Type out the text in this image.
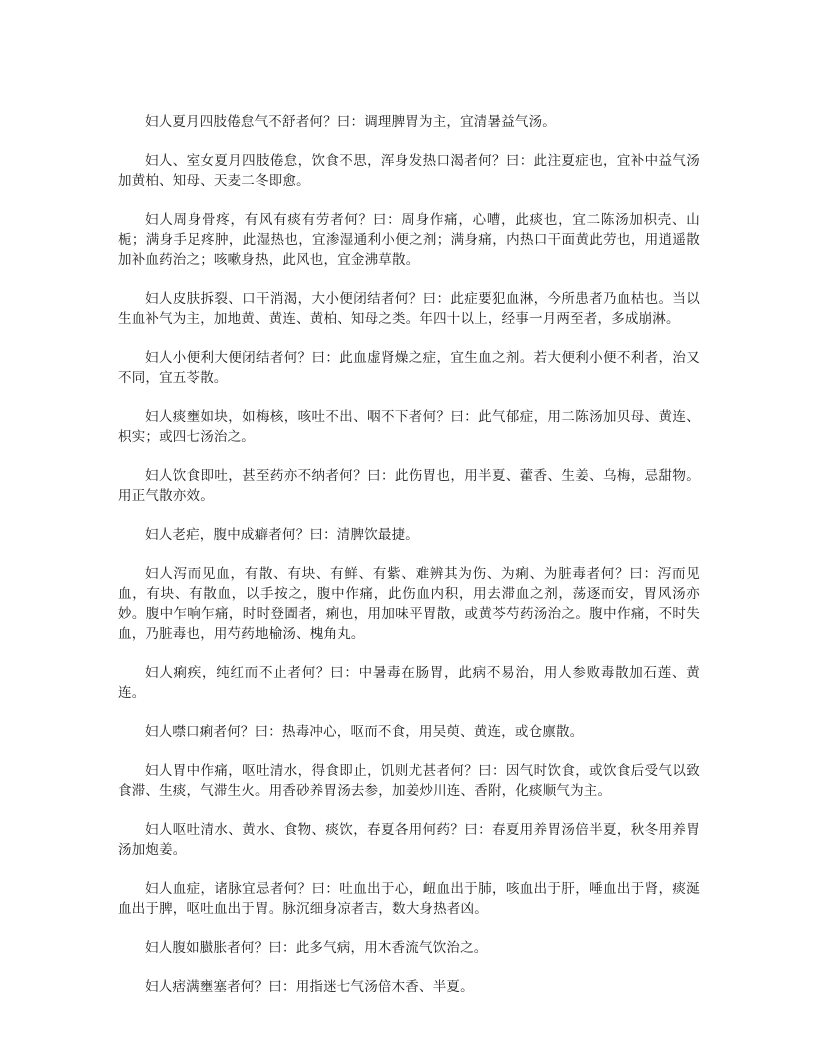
妇人夏月四肢倦怠气不舒者何？曰：调理脾胃为主，宜清暑益气汤。

妇人、室女夏月四肢倦怠，饮食不思，浑身发热口渴者何？曰：此注夏症也，宜补中益气汤加黄柏、知母、天麦二冬即愈。

妇人周身骨疼，有风有痰有劳者何？曰：周身作痛，心嘈，此痰也，宜二陈汤加枳壳、山栀；满身手足疼肿，此湿热也，宜渗湿通利小便之剂；满身痛，内热口干面黄此劳也，用逍遥散加补血药治之；咳嗽身热，此风也，宜金沸草散。

妇人皮肤拆裂、口干消渴，大小便闭结者何？曰：此症要犯血淋，今所患者乃血枯也。当以生血补气为主，加地黄、黄连、黄柏、知母之类。年四十以上，经事一月两至者，多成崩淋。

妇人小便利大便闭结者何？曰：此血虚肾燥之症，宜生血之剂。若大便利小便不利者，治又不同，宜五苓散。

妇人痰壅如块，如梅核，咳吐不出、咽不下者何？曰：此气郁症，用二陈汤加贝母、黄连、枳实；或四七汤治之。

妇人饮食即吐，甚至药亦不纳者何？曰：此伤胃也，用半夏、藿香、生姜、乌梅，忌甜物。用正气散亦效。

妇人老疟，腹中成癖者何？曰：清脾饮最捷。

妇人泻而见血，有散、有块、有鲜、有紫、难辨其为伤、为痢、为脏毒者何？曰：泻而见血，有块、有散血，以手按之，腹中作痛，此伤血内积，用去滞血之剂，荡逐而安，胃风汤亦妙。腹中乍响乍痛，时时登圊者，痢也，用加味平胃散，或黄芩芍药汤治之。腹中作痛，不时失血，乃脏毒也，用芍药地榆汤、槐角丸。

妇人痢疾，纯红而不止者何？曰：中暑毒在肠胃，此病不易治，用人参败毒散加石莲、黄连。

妇人噤口痢者何？曰：热毒冲心，呕而不食，用吴萸、黄连，或仓廪散。

妇人胃中作痛，呕吐清水，得食即止，饥则尤甚者何？曰：因气时饮食，或饮食后受气以致食滞、生痰，气滞生火。用香砂养胃汤去参，加姜炒川连、香附，化痰顺气为主。

妇人呕吐清水、黄水、食物、痰饮，春夏各用何药？曰：春夏用养胃汤倍半夏，秋冬用养胃汤加炮姜。

妇人血症，诸脉宜忌者何？曰：吐血出于心，衄血出于肺，咳血出于肝，唾血出于肾，痰涎血出于脾，呕吐血出于胃。脉沉细身凉者吉，数大身热者凶。

妇人腹如臌胀者何？曰：此多气病，用木香流气饮治之。

妇人痞满壅塞者何？曰：用指迷七气汤倍木香、半夏。
